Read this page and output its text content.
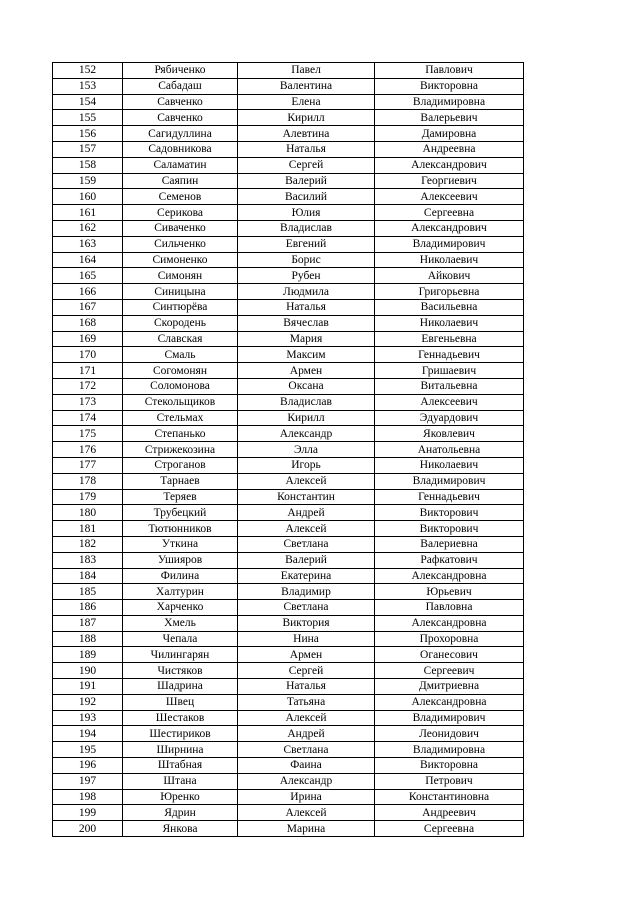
152	Рябиченко	Павел	Павлович
153	Сабадаш	Валентина	Викторовна
154	Савченко	Елена	Владимировна
155	Савченко	Кирилл	Валерьевич
156	Сагидуллина	Алевтина	Дамировна
157	Садовникова	Наталья	Андреевна
158	Саламатин	Сергей	Александрович
159	Саяпин	Валерий	Георгиевич
160	Семенов	Василий	Алексеевич
161	Серикова	Юлия	Сергеевна
162	Сиваченко	Владислав	Александрович
163	Сильченко	Евгений	Владимирович
164	Симоненко	Борис	Николаевич
165	Симонян	Рубен	Айкович
166	Синицына	Людмила	Григорьевна
167	Синтюрёва	Наталья	Васильевна
168	Скородень	Вячеслав	Николаевич
169	Славская	Мария	Евгеньевна
170	Смаль	Максим	Геннадьевич
171	Согомонян	Армен	Гришаевич
172	Соломонова	Оксана	Витальевна
173	Стекольщиков	Владислав	Алексеевич
174	Стельмах	Кирилл	Эдуардович
175	Степанько	Александр	Яковлевич
176	Стрижекозина	Элла	Анатольевна
177	Строганов	Игорь	Николаевич
178	Тарнаев	Алексей	Владимирович
179	Теряев	Константин	Геннадьевич
180	Трубецкий	Андрей	Викторович
181	Тютюнников	Алексей	Викторович
182	Уткина	Светлана	Валериевна
183	Ушияров	Валерий	Рафкатович
184	Филина	Екатерина	Александровна
185	Халтурин	Владимир	Юрьевич
186	Харченко	Светлана	Павловна
187	Хмель	Виктория	Александровна
188	Чепала	Нина	Прохоровна
189	Чилингарян	Армен	Оганесович
190	Чистяков	Сергей	Сергеевич
191	Шадрина	Наталья	Дмитриевна
192	Швец	Татьяна	Александровна
193	Шестаков	Алексей	Владимирович
194	Шестириков	Андрей	Леонидович
195	Ширнина	Светлана	Владимировна
196	Штабная	Фаина	Викторовна
197	Штана	Александр	Петрович
198	Юренко	Ирина	Константиновна
199	Ядрин	Алексей	Андреевич
200	Янкова	Марина	Сергеевна
